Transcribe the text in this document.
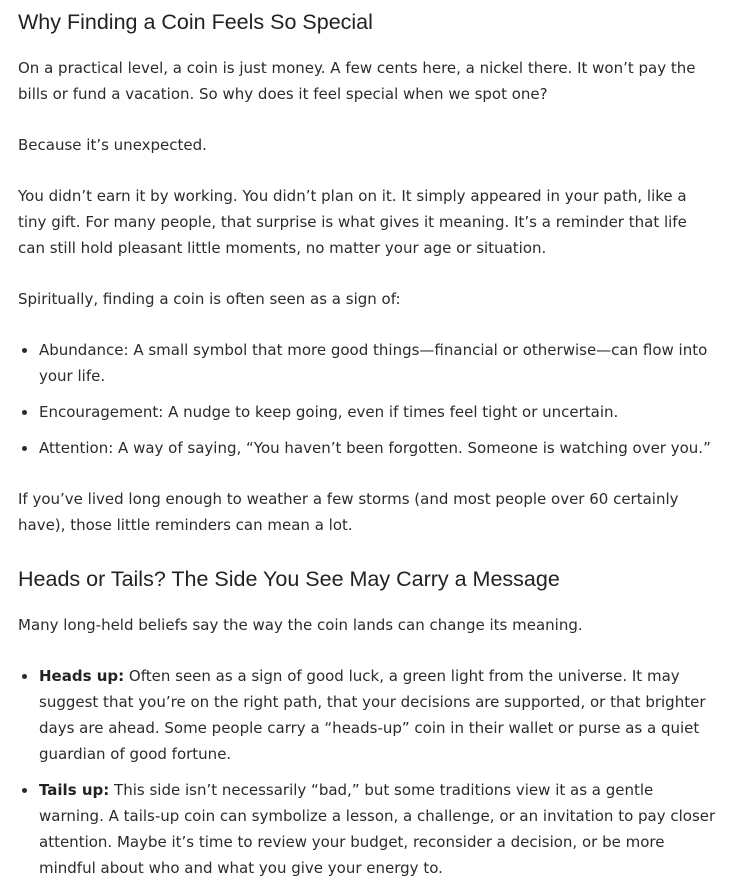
Why Finding a Coin Feels So Special

On a practical level, a coin is just money. A few cents here, a nickel there. It won’t pay the bills or fund a vacation. So why does it feel special when we spot one?

Because it’s unexpected.

You didn’t earn it by working. You didn’t plan on it. It simply appeared in your path, like a tiny gift. For many people, that surprise is what gives it meaning. It’s a reminder that life can still hold pleasant little moments, no matter your age or situation.

Spiritually, finding a coin is often seen as a sign of:

• Abundance: A small symbol that more good things—financial or otherwise—can flow into your life.
• Encouragement: A nudge to keep going, even if times feel tight or uncertain.
• Attention: A way of saying, “You haven’t been forgotten. Someone is watching over you.”

If you’ve lived long enough to weather a few storms (and most people over 60 certainly have), those little reminders can mean a lot.

Heads or Tails? The Side You See May Carry a Message

Many long-held beliefs say the way the coin lands can change its meaning.

• Heads up: Often seen as a sign of good luck, a green light from the universe. It may suggest that you’re on the right path, that your decisions are supported, or that brighter days are ahead. Some people carry a “heads-up” coin in their wallet or purse as a quiet guardian of good fortune.
• Tails up: This side isn’t necessarily “bad,” but some traditions view it as a gentle warning. A tails-up coin can symbolize a lesson, a challenge, or an invitation to pay closer attention. Maybe it’s time to review your budget, reconsider a decision, or be more mindful about who and what you give your energy to.
